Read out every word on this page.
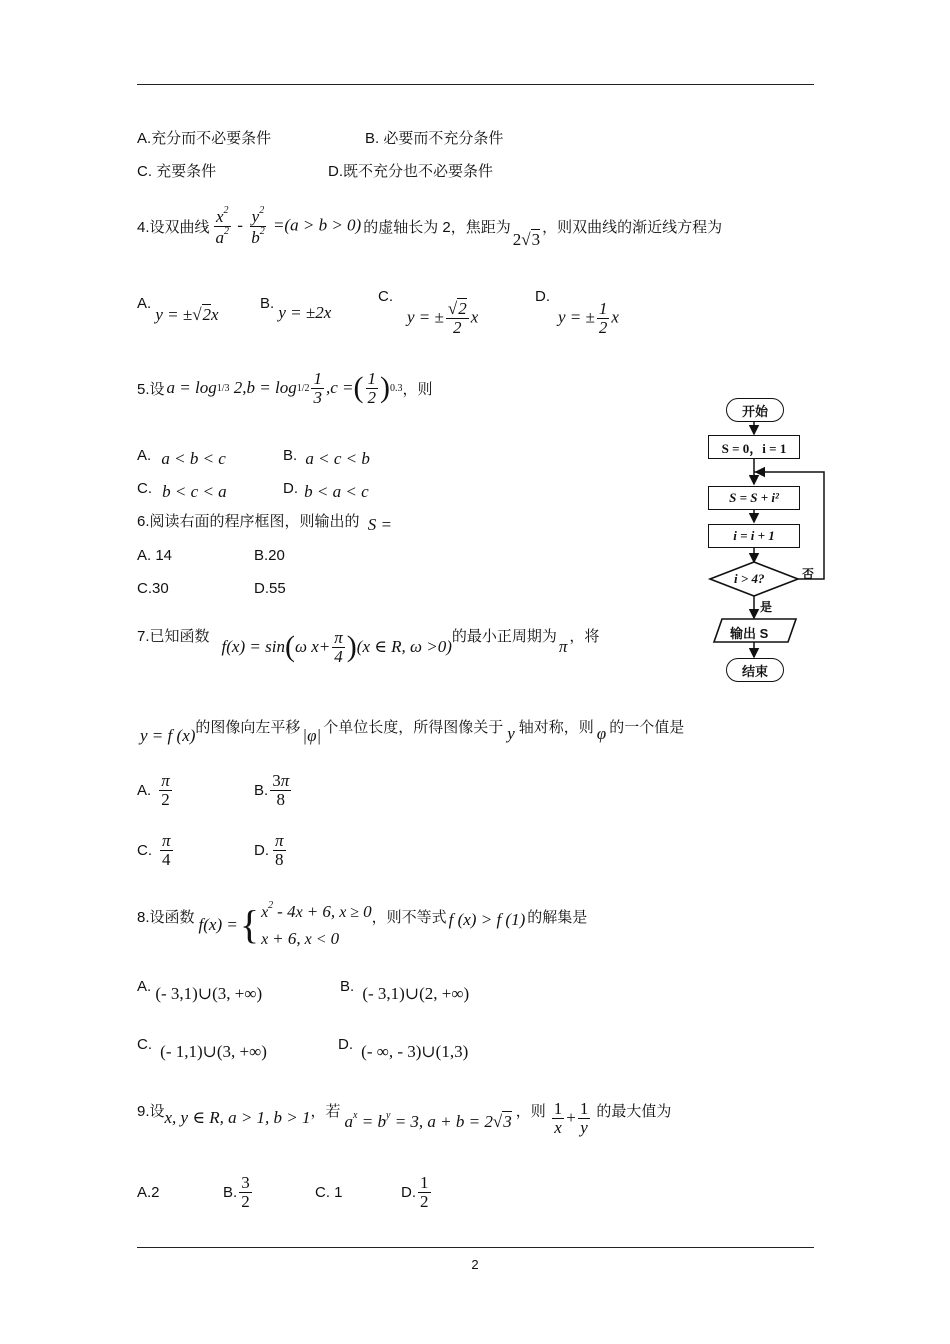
A.充分而不必要条件	B. 必要而不充分条件
C. 充要条件	D.既不充分也不必要条件
4.设双曲线 $\frac{x^2}{a^2} - \frac{y^2}{b^2} =(a > b > 0)$ 的虚轴长为 2，焦距为
2√3
，则双曲线的渐近线方程为
A. y = ±√2x
B. y = ±2x
C.
y = ± $\frac{√2}{2}$ x
D.
y = ± $\frac{1}{2}$ x
5.设 a = log 1/3 2, $b = \log 1/2 \frac{1}{3}$ , c = ( $\frac{1}{2}$ ) 0.3 ，则
A. a < b < c	B. a < c < b
C. b < c < a	D. b < a < c
6.阅读右面的程序框图，则输出的 S =
A. 14	B.20
C.30	D.55
开始
S = 0，i = 1
S = S + i²
i = i + 1
i > 4?
是
否
输出 S
结束
7.已知函数
f ( x ) = sin ( ω $x + \frac{\pi}{4}$ ) ( x ∈ R, ω > 0)
的最小正周期为
π
，将
y = f (x) 的图像向左平移 |φ| 个单位长度，所得图像关于 y 轴对称，则 φ 的一个值是
A. $\frac{\pi}{2}$	B. $\frac{3\pi}{8}$
C. $\frac{\pi}{4}$	D. $\frac{\pi}{8}$
8.设函数 f ( x ) = { $x^2 - 4x + 6$, x ≥ 0
x + 6, x < 0
，则不等式 f (x) > f (1) 的解集是
A. (- 3,1)∪(3, +∞)	B. (- 3,1)∪(2, +∞)
C. (- 1,1)∪(3, +∞)	D. (- ∞, - 3)∪(1,3)
9.设 x, y ∈ R, a > 1, b > 1 ，若
$a^x = b^y = 3$, a + b = 2√3
，则 $\frac{1}{x} + \frac{1}{y}$ 的最大值为
A.2	B. $\frac{3}{2}$	C. 1	D. $\frac{1}{2}$
2
